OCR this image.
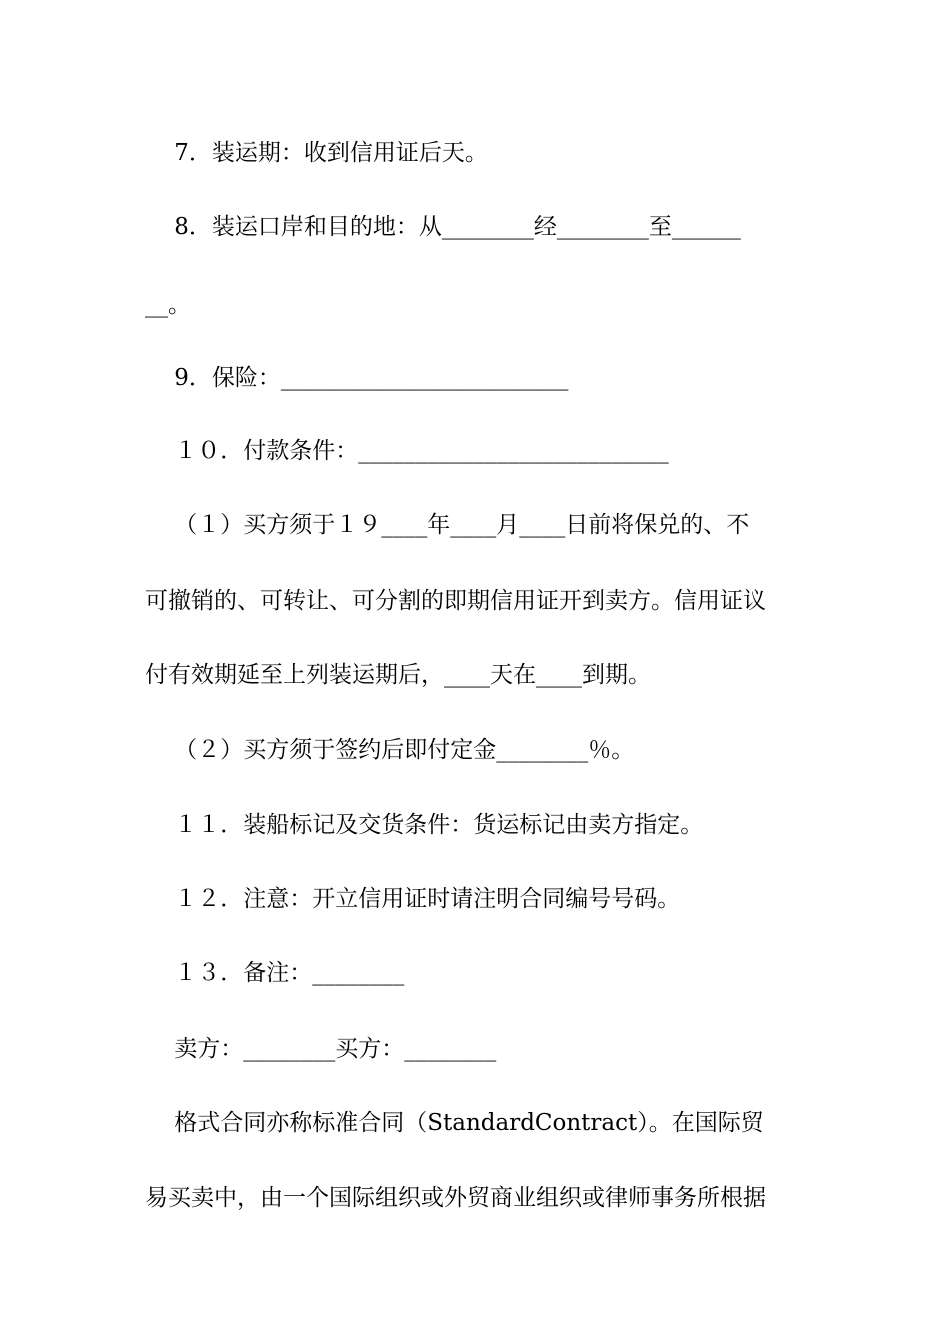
7．装运期：收到信用证后天。
8．装运口岸和目的地：从________经________至______
__。
9．保险：_________________________
１０．付款条件：___________________________
（１）买方须于１９____年____月____日前将保兑的、不
可撤销的、可转让、可分割的即期信用证开到卖方。信用证议
付有效期延至上列装运期后，____天在____到期。
（２）买方须于签约后即付定金________％。
１１．装船标记及交货条件：货运标记由卖方指定。
１２．注意：开立信用证时请注明合同编号号码。
１３．备注：________
卖方：________买方：________
格式合同亦称标准合同（StandardContract）。在国际贸
易买卖中，由一个国际组织或外贸商业组织或律师事务所根据
